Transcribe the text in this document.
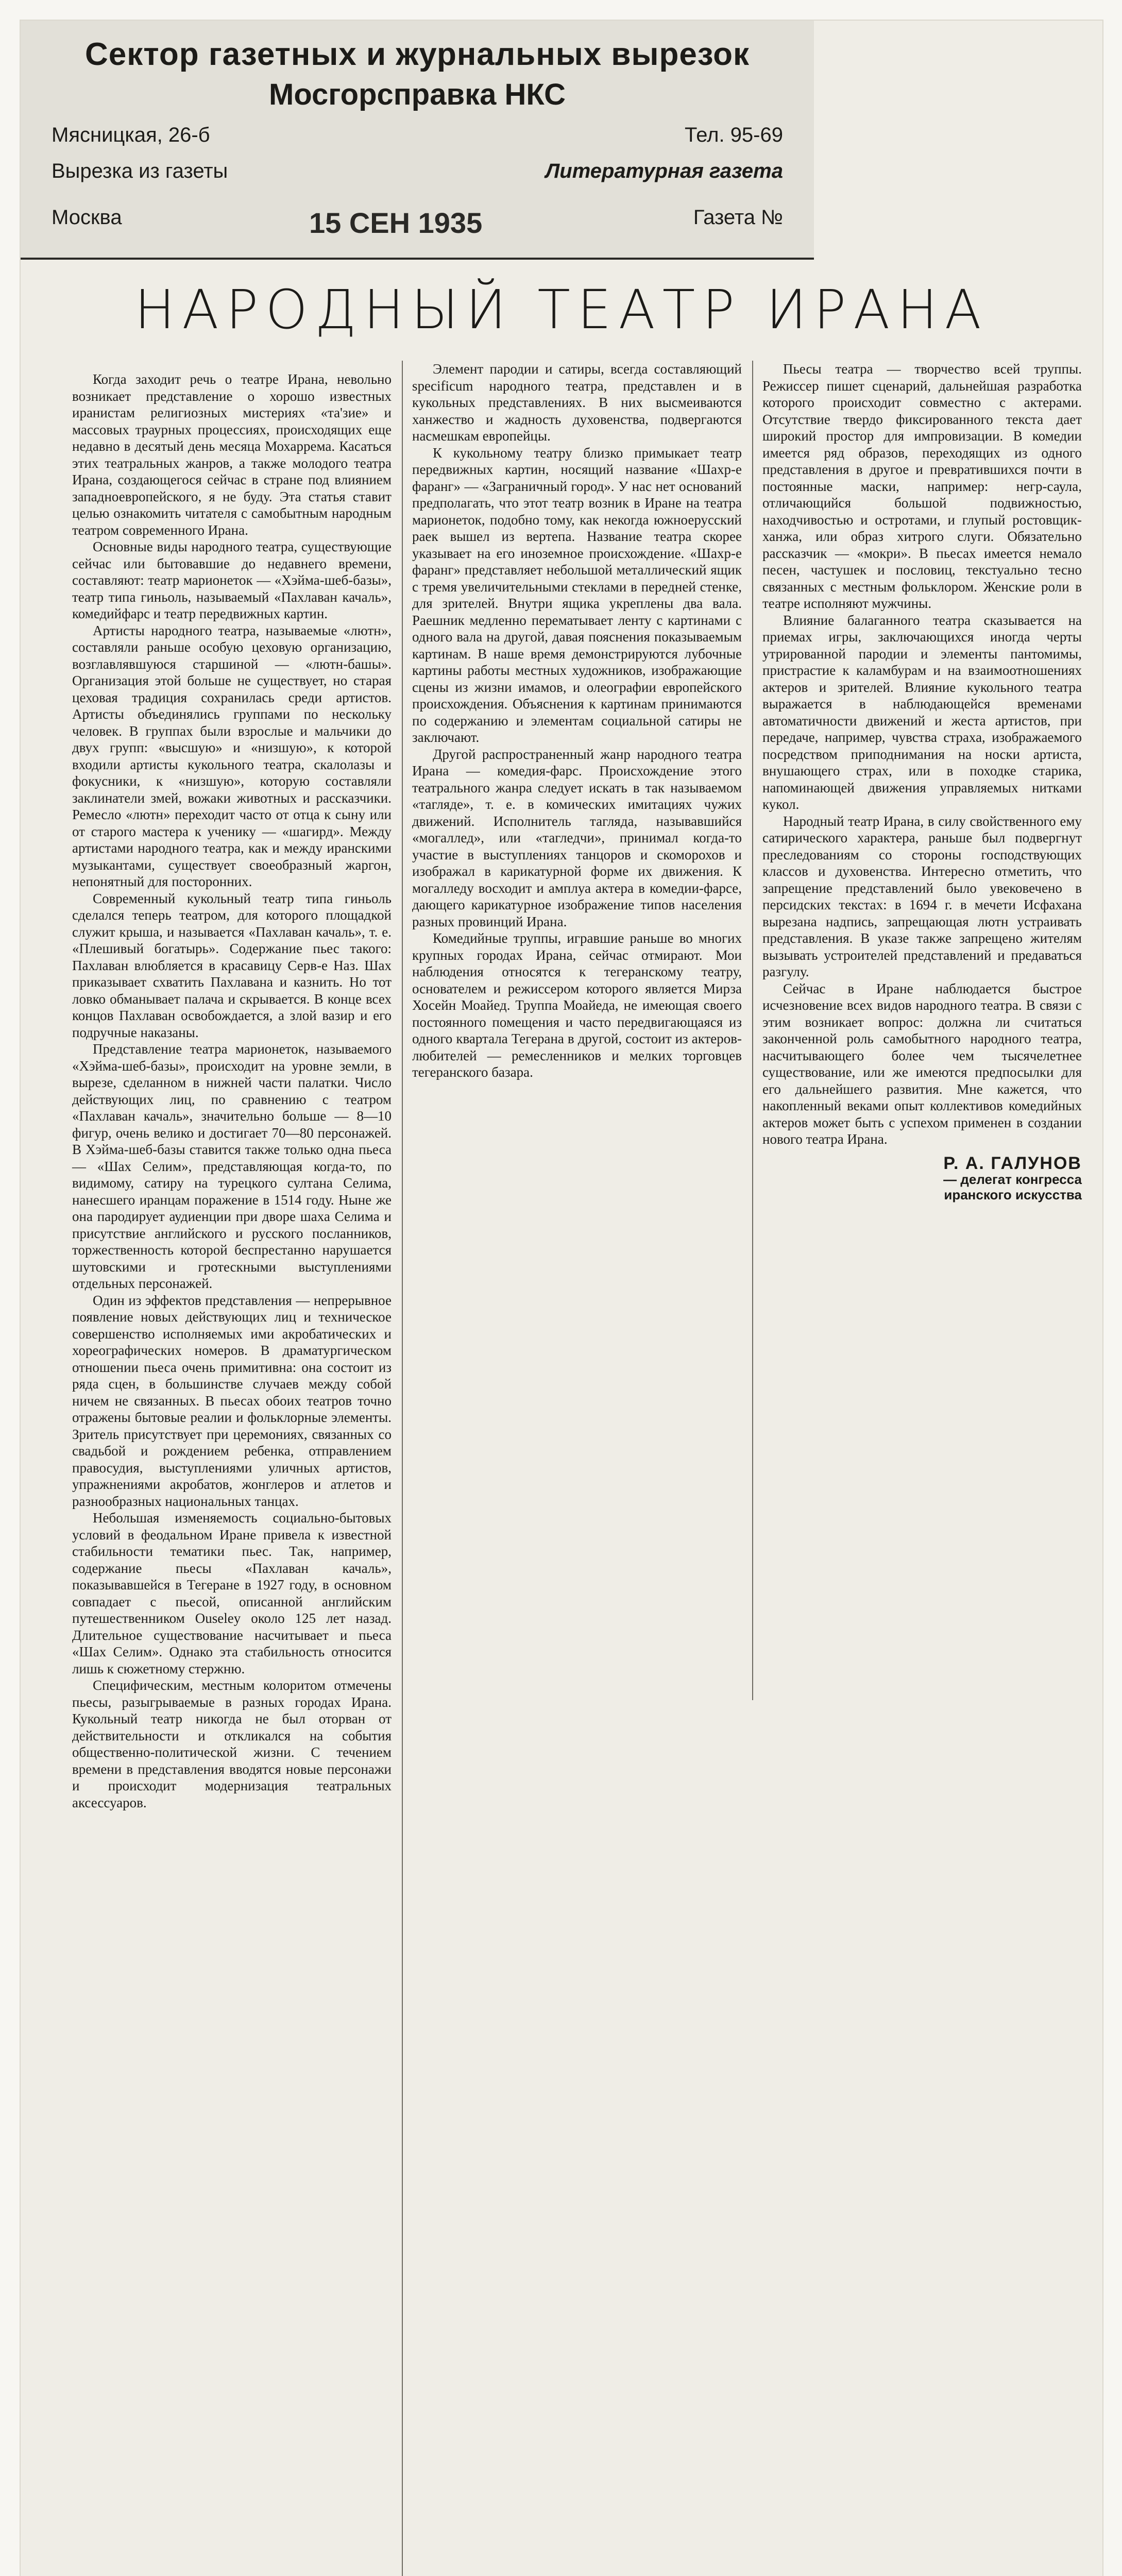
Сектор газетных и журнальных вырезок
Мосгорсправка НКС
Мясницкая, 26-б	Тел. 95-69
Вырезка из газеты	Литературная газета
Москва	Газета №
15 СЕН 1935
НАРОДНЫЙ ТЕАТР ИРАНА

Когда заходит речь о театре Ирана, невольно возникает представление о хорошо известных иранистам религиозных мистериях «та'зие» и массовых траурных процессиях, происходящих еще недавно в десятый день месяца Мохаррема. Касаться этих театральных жанров, а также молодого театра Ирана, создающегося сейчас в стране под влиянием западноевропейского, я не буду. Эта статья ставит целью ознакомить читателя с самобытным народным театром современного Ирана.

Основные виды народного театра, существующие сейчас или бытовавшие до недавнего времени, составляют: театр марионеток — «Хэйма-шеб-базы», театр типа гиньоль, называемый «Пахлаван качаль», комедийфарс и театр передвижных картин.

Артисты народного театра, называемые «лютн», составляли раньше особую цеховую организацию, возглавлявшуюся старшиной — «лютн-башы». Организация этой больше не существует, но старая цеховая традиция сохранилась среди артистов. Артисты объединялись группами по нескольку человек. В группах были взрослые и мальчики до двух групп: «высшую» и «низшую», к которой входили артисты кукольного театра, скалолазы и фокусники, к «низшую», которую составляли заклинатели змей, вожаки животных и рассказчики. Ремесло «лютн» переходит часто от отца к сыну или от старого мастера к ученику — «шагирд». Между артистами народного театра, как и между иранскими музыкантами, существует своеобразный жаргон, непонятный для посторонних.

Современный кукольный театр типа гиньоль сделался теперь театром, для которого площадкой служит крыша, и называется «Пахлаван качаль», т. е. «Плешивый богатырь». Содержание пьес такого: Пахлаван влюбляется в красавицу Серв-е Наз. Шах приказывает схватить Пахлавана и казнить. Но тот ловко обманывает палача и скрывается. В конце всех концов Пахлаван освобождается, а злой вазир и его подручные наказаны.

Представление театра марионеток, называемого «Хэйма-шеб-базы», происходит на уровне земли, в вырезе, сделанном в нижней части палатки. Число действующих лиц, по сравнению с театром «Пахлаван качаль», значительно больше — 8—10 фигур, очень велико и достигает 70—80 персонажей. В Хэйма-шеб-базы ставится также только одна пьеса — «Шах Селим», представляющая когда-то, по видимому, сатиру на турецкого султана Селима, нанесшего иранцам поражение в 1514 году. Ныне же она пародирует аудиенции при дворе шаха Селима и присутствие английского и русского посланников, торжественность которой беспрестанно нарушается шутовскими и гротескными выступлениями отдельных персонажей.

Один из эффектов представления — непрерывное появление новых действующих лиц и техническое совершенство исполняемых ими акробатических и хореографических номеров. В драматургическом отношении пьеса очень примитивна: она состоит из ряда сцен, в большинстве случаев между собой ничем не связанных. В пьесах обоих театров точно отражены бытовые реалии и фольклорные элементы. Зритель присутствует при церемониях, связанных со свадьбой и рождением ребенка, отправлением правосудия, выступлениями уличных артистов, упражнениями акробатов, жонглеров и атлетов и разнообразных национальных танцах.

Небольшая изменяемость социально-бытовых условий в феодальном Иране привела к известной стабильности тематики пьес. Так, например, содержание пьесы «Пахлаван качаль», показывавшейся в Тегеране в 1927 году, в основном совпадает с пьесой, описанной английским путешественником Ouseley около 125 лет назад. Длительное существование насчитывает и пьеса «Шах Селим». Однако эта стабильность относится лишь к сюжетному стержню.

Специфическим, местным колоритом отмечены пьесы, разыгрываемые в разных городах Ирана. Кукольный театр никогда не был оторван от действительности и откликался на события общественно-политической жизни. С течением времени в представления вводятся новые персонажи и происходит модернизация театральных аксессуаров.

Элемент пародии и сатиры, всегда составляющий specificum народного театра, представлен и в кукольных представлениях. В них высмеиваются ханжество и жадность духовенства, подвергаются насмешкам европейцы.

К кукольному театру близко примыкает театр передвижных картин, носящий название «Шахр-е фаранг» — «Заграничный город». У нас нет оснований предполагать, что этот театр возник в Иране на театра марионеток, подобно тому, как некогда южноерусский раек вышел из вертепа. Название театра скорее указывает на его иноземное происхождение. «Шахр-е фаранг» представляет небольшой металлический ящик с тремя увеличительными стеклами в передней стенке, для зрителей. Внутри ящика укреплены два вала. Раешник медленно перематывает ленту с картинами с одного вала на другой, давая пояснения показываемым картинам. В наше время демонстрируются лубочные картины работы местных художников, изображающие сцены из жизни имамов, и олеографии европейского происхождения. Объяснения к картинам принимаются по содержанию и элементам социальной сатиры не заключают.

Другой распространенный жанр народного театра Ирана — комедия-фарс. Происхождение этого театрального жанра следует искать в так называемом «тагляде», т. е. в комических имитациях чужих движений. Исполнитель тагляда, называвшийся «могаллед», или «тагледчи», принимал когда-то участие в выступлениях танцоров и скоморохов и изображал в карикатурной форме их движения. К могалледу восходит и амплуа актера в комедии-фарсе, дающего карикатурное изображение типов населения разных провинций Ирана.

Комедийные труппы, игравшие раньше во многих крупных городах Ирана, сейчас отмирают. Мои наблюдения относятся к тегеранскому театру, основателем и режиссером которого является Мирза Хосейн Моайед. Труппа Моайеда, не имеющая своего постоянного помещения и часто передвигающаяся из одного квартала Тегерана в другой, состоит из актеров-любителей — ремесленников и мелких торговцев тегеранского базара.

Пьесы театра — творчество всей труппы. Режиссер пишет сценарий, дальнейшая разработка которого происходит совместно с актерами. Отсутствие твердо фиксированного текста дает широкий простор для импровизации. В комедии имеется ряд образов, переходящих из одного представления в другое и превратившихся почти в постоянные маски, например: негр-саула, отличающийся большой подвижностью, находчивостью и остротами, и глупый ростовщик-ханжа, или образ хитрого слуги. Обязательно рассказчик — «мокри». В пьесах имеется немало песен, частушек и пословиц, текстуально тесно связанных с местным фольклором. Женские роли в театре исполняют мужчины.

Влияние балаганного театра сказывается на приемах игры, заключающихся иногда черты утрированной пародии и элементы пантомимы, пристрастие к каламбурам и на взаимоотношениях актеров и зрителей. Влияние кукольного театра выражается в наблюдающейся временами автоматичности движений и жеста артистов, при передаче, например, чувства страха, изображаемого посредством приподнимания на носки артиста, внушающего страх, или в походке старика, напоминающей движения управляемых нитками кукол.

Народный театр Ирана, в силу свойственного ему сатирического характера, раньше был подвергнут преследованиям со стороны господствующих классов и духовенства. Интересно отметить, что запрещение представлений было увековечено в персидских текстах: в 1694 г. в мечети Исфахана вырезана надпись, запрещающая лютн устраивать представления. В указе также запрещено жителям вызывать устроителей представлений и предаваться разгулу.

Сейчас в Иране наблюдается быстрое исчезновение всех видов народного театра. В связи с этим возникает вопрос: должна ли считаться законченной роль самобытного народного театра, насчитывающего более чем тысячелетнее существование, или же имеются предпосылки для его дальнейшего развития. Мне кажется, что накопленный веками опыт коллективов комедийных актеров может быть с успехом применен в создании нового театра Ирана.

Р. А. ГАЛУНОВ
— делегат конгресса
иранского искусства
